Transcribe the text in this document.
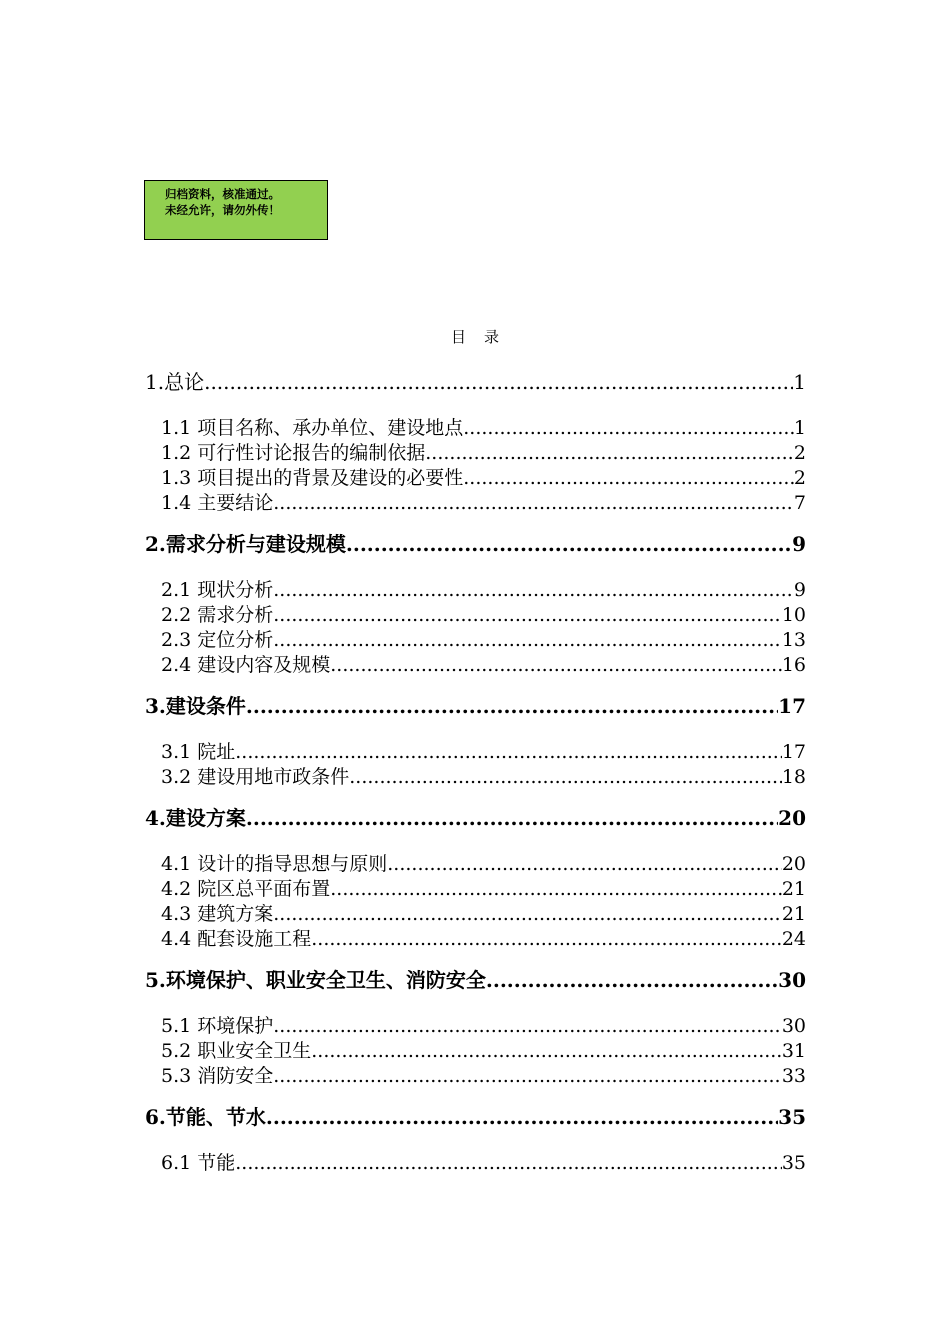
归档资料，核准通过。
未经允许，请勿外传！
目录
1.总论 .....	1
1.1 项目名称、承办单位、建设地点 .....	1
1.2 可行性讨论报告的编制依据 .....	2
1.3 项目提出的背景及建设的必要性 .....	2
1.4 主要结论 .....	7
2.需求分析与建设规模 .....	9
2.1 现状分析 .....	9
2.2 需求分析 .....	10
2.3 定位分析 .....	13
2.4 建设内容及规模 .....	16
3.建设条件 .....	17
3.1 院址 .....	17
3.2 建设用地市政条件 .....	18
4.建设方案 .....	20
4.1 设计的指导思想与原则 .....	20
4.2 院区总平面布置 .....	21
4.3 建筑方案 .....	21
4.4 配套设施工程 .....	24
5.环境保护、职业安全卫生、消防安全 .....	30
5.1 环境保护 .....	30
5.2 职业安全卫生 .....	31
5.3 消防安全 .....	33
6.节能、节水 .....	35
6.1 节能 .....	35
